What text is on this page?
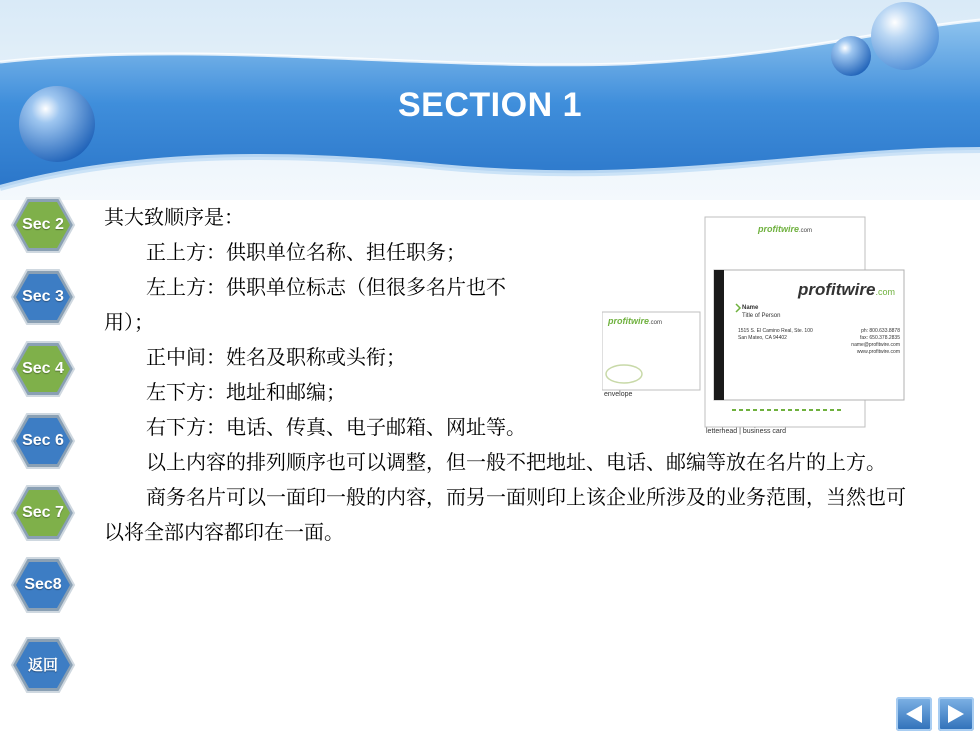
SECTION 1
Sec 2
Sec 3
Sec 4
Sec 6
Sec 7
Sec8
返回

其大致顺序是：

正上方：供职单位名称、担任职务；

左上方：供职单位标志（但很多名片也不

用）；

正中间：姓名及职称或头衔；

左下方：地址和邮编；

右下方：电话、传真、电子邮箱、网址等。

以上内容的排列顺序也可以调整，但一般不把地址、电话、邮编等放在名片的上方。

商务名片可以一面印一般的内容，而另一面则印上该企业所涉及的业务范围，当然也可以将全部内容都印在一面。

envelope
letterhead | business card
profitwire.com
profitwire.com
profitwire.com
Name
Title of Person
1515 S. El Camino Real, Ste. 100
San Mateo, CA 94402
ph: 800.633.8878
fax: 650.378.2835
name@profitwire.com
www.profitwire.com
